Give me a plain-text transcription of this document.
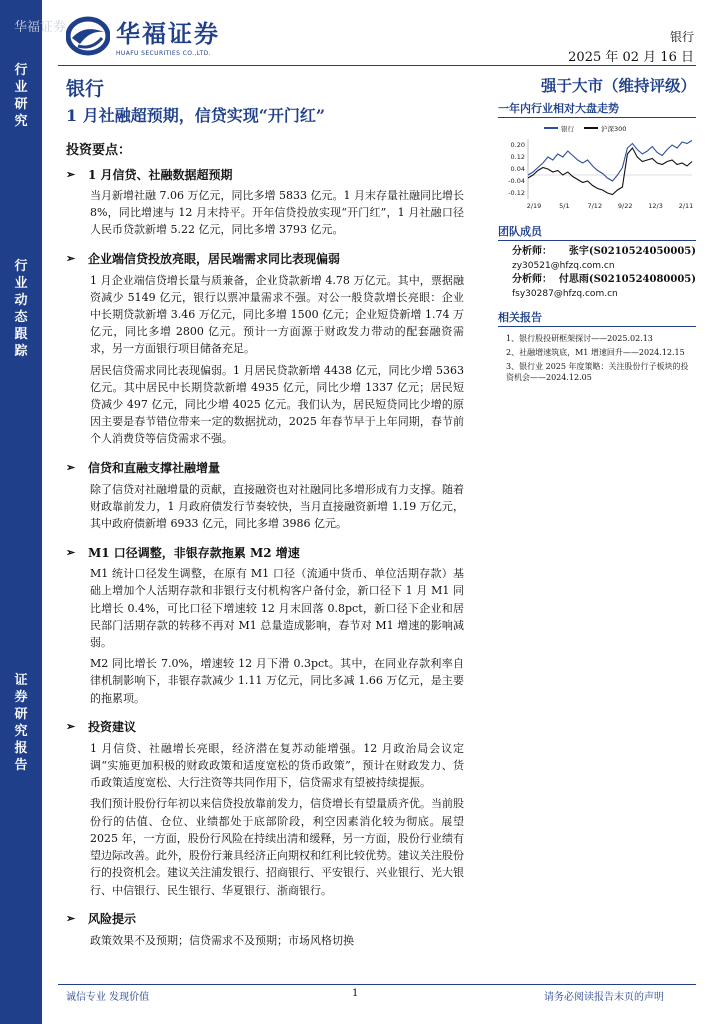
华福证券
行
业
研
究
行
业
动
态
跟
踪
证
券
研
究
报
告
华福证券
HUAFU SECURITIES CO.,LTD.
银行
2025 年 02 月 16 日
银行
1 月社融超预期，信贷实现“开门红”
投资要点：
➢	1 月信贷、社融数据超预期
当月新增社融 7.06 万亿元，同比多增 5833 亿元。1 月末存量社融同比增长 8%，同比增速与 12 月末持平。开年信贷投放实现“开门红”，1 月社融口径人民币贷款新增 5.22 亿元，同比多增 3793 亿元。
➢	企业端信贷投放亮眼，居民端需求同比表现偏弱
1 月企业端信贷增长量与质兼备，企业贷款新增 4.78 万亿元。其中，票据融资减少 5149 亿元，银行以票冲量需求不强。对公一般贷款增长亮眼：企业中长期贷款新增 3.46 万亿元，同比多增 1500 亿元；企业短贷新增 1.74 万亿元，同比多增 2800 亿元。预计一方面源于财政发力带动的配套融资需求，另一方面银行项目储备充足。
居民信贷需求同比表现偏弱。1 月居民贷款新增 4438 亿元，同比少增 5363 亿元。其中居民中长期贷款新增 4935 亿元，同比少增 1337 亿元；居民短贷减少 497 亿元，同比少增 4025 亿元。我们认为，居民短贷同比少增的原因主要是春节错位带来一定的数据扰动，2025 年春节早于上年同期，春节前个人消费贷等信贷需求不强。
➢	信贷和直融支撑社融增量
除了信贷对社融增量的贡献，直接融资也对社融同比多增形成有力支撑。随着财政靠前发力，1 月政府债发行节奏较快，当月直接融资新增 1.19 万亿元，其中政府债新增 6933 亿元，同比多增 3986 亿元。
➢	M1 口径调整，非银存款拖累 M2 增速
M1 统计口径发生调整，在原有 M1 口径（流通中货币、单位活期存款）基础上增加个人活期存款和非银行支付机构客户备付金，新口径下 1 月 M1 同比增长 0.4%，可比口径下增速较 12 月末回落 0.8pct，新口径下企业和居民部门活期存款的转移不再对 M1 总量造成影响，春节对 M1 增速的影响减弱。
M2 同比增长 7.0%，增速较 12 月下滑 0.3pct。其中，在同业存款利率自律机制影响下，非银存款减少 1.11 万亿元，同比多减 1.66 万亿元，是主要的拖累项。
➢	投资建议
1 月信贷、社融增长亮眼，经济潜在复苏动能增强。12 月政治局会议定调“实施更加积极的财政政策和适度宽松的货币政策”，预计在财政发力、货币政策适度宽松、大行注资等共同作用下，信贷需求有望被持续提振。
我们预计股份行年初以来信贷投放靠前发力，信贷增长有望量质齐优。当前股份行的估值、仓位、业绩都处于底部阶段，利空因素消化较为彻底。展望 2025 年，一方面，股份行风险在持续出清和缓释，另一方面，股份行业绩有望边际改善。此外，股份行兼具经济正向期权和红利比较优势。建议关注股份行的投资机会。建议关注浦发银行、招商银行、平安银行、兴业银行、光大银行、中信银行、民生银行、华夏银行、浙商银行。
➢	风险提示
政策效果不及预期；信贷需求不及预期；市场风格切换
强于大市（维持评级）
一年内行业相对大盘走势
银行	沪深300
0.20
0.12
0.04
-0.04
-0.12
2/19	5/1	7/12 9/22 12/3 2/11
团队成员
分析师： 张宇(S0210524050005)
zy30521@hfzq.com.cn
分析师： 付思雨(S0210524080005)
fsy30287@hfzq.com.cn
相关报告
1、银行股投研框架探讨——2025.02.13
2、社融增速筑底，M1 增速回升——2024.12.15
3、银行业 2025 年度策略：关注股份行子板块的投资机会——2024.12.05
诚信专业 发现价值	1	请务必阅读报告末页的声明
